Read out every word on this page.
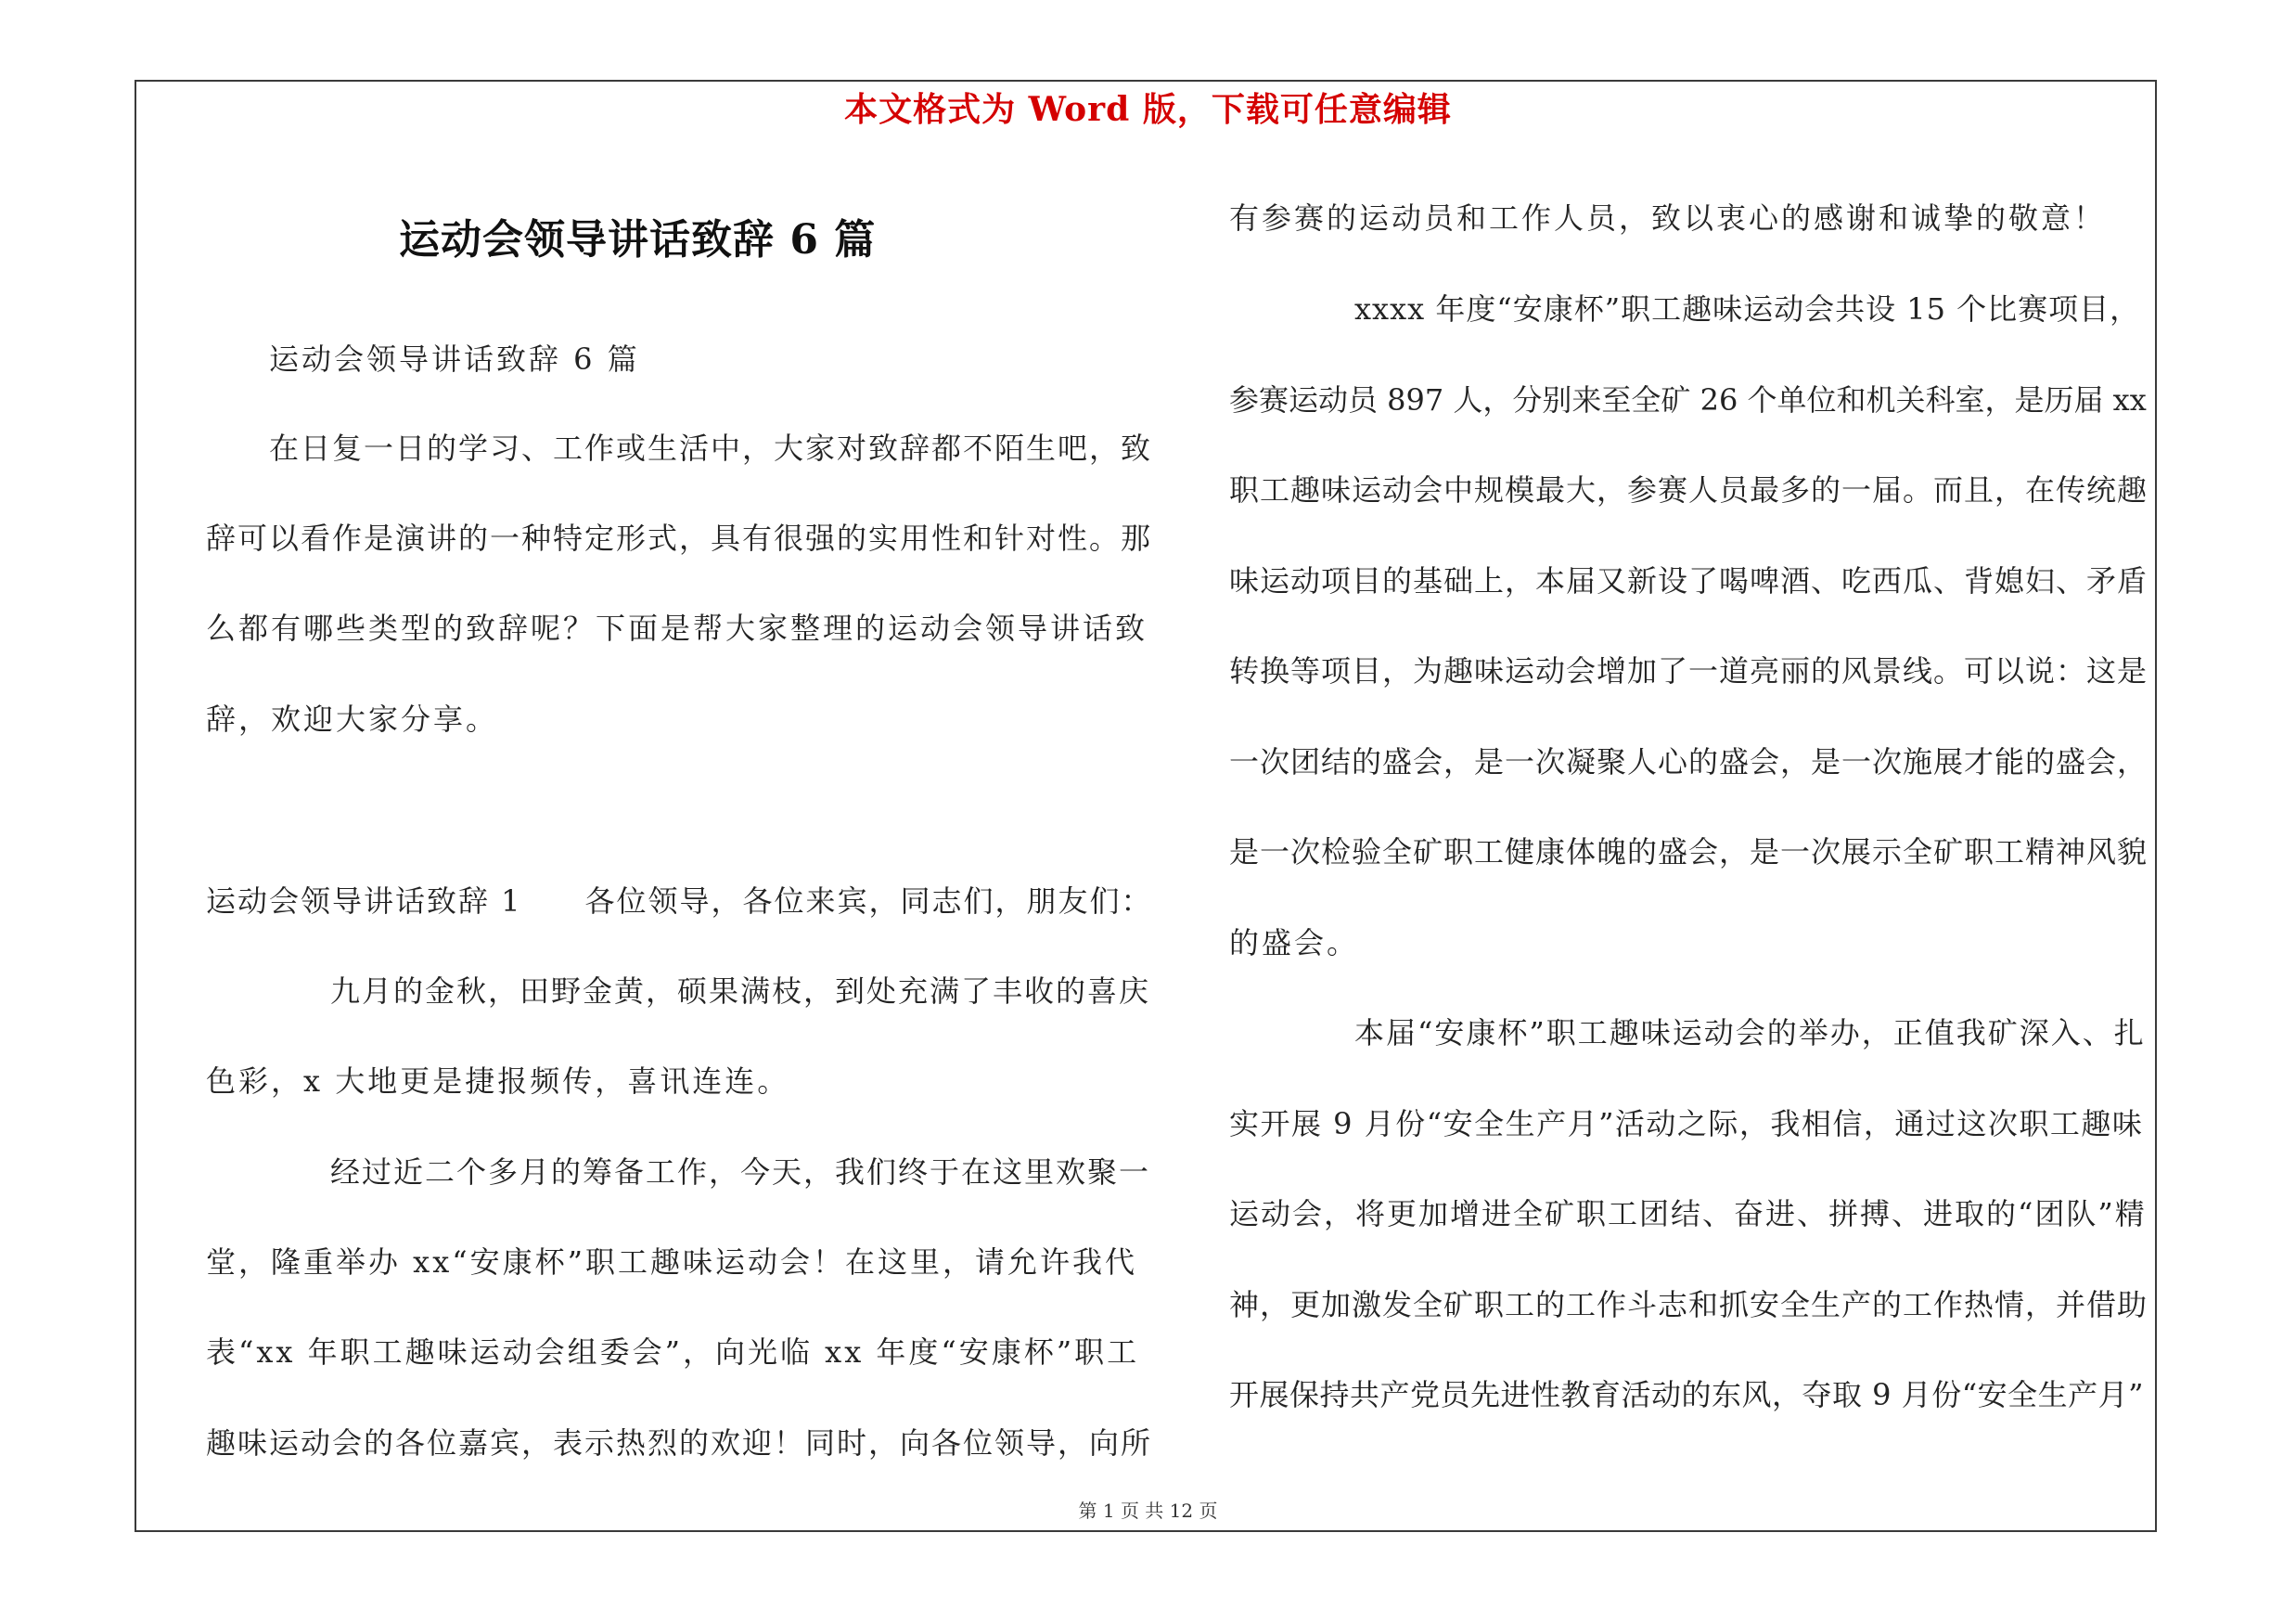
本文格式为 Word 版，下载可任意编辑
运动会领导讲话致辞 6 篇
运动会领导讲话致辞 6 篇
在日复一日的学习、工作或生活中，大家对致辞都不陌生吧，致
辞可以看作是演讲的一种特定形式，具有很强的实用性和针对性。那
么都有哪些类型的致辞呢？下面是帮大家整理的运动会领导讲话致
辞，欢迎大家分享。
运动会领导讲话致辞 1　　各位领导，各位来宾，同志们，朋友们：
九月的金秋，田野金黄，硕果满枝，到处充满了丰收的喜庆
色彩，x 大地更是捷报频传，喜讯连连。
经过近二个多月的筹备工作，今天，我们终于在这里欢聚一
堂，隆重举办 xx“安康杯”职工趣味运动会！在这里，请允许我代
表“xx 年职工趣味运动会组委会”，向光临 xx 年度“安康杯”职工
趣味运动会的各位嘉宾，表示热烈的欢迎！同时，向各位领导，向所
有参赛的运动员和工作人员，致以衷心的感谢和诚挚的敬意！
xxxx 年度“安康杯”职工趣味运动会共设 15 个比赛项目，
参赛运动员 897 人，分别来至全矿 26 个单位和机关科室，是历届 xx
职工趣味运动会中规模最大，参赛人员最多的一届。而且，在传统趣
味运动项目的基础上，本届又新设了喝啤酒、吃西瓜、背媳妇、矛盾
转换等项目，为趣味运动会增加了一道亮丽的风景线。可以说：这是
一次团结的盛会，是一次凝聚人心的盛会，是一次施展才能的盛会，
是一次检验全矿职工健康体魄的盛会，是一次展示全矿职工精神风貌
的盛会。
本届“安康杯”职工趣味运动会的举办，正值我矿深入、扎
实开展 9 月份“安全生产月”活动之际，我相信，通过这次职工趣味
运动会，将更加增进全矿职工团结、奋进、拼搏、进取的“团队”精
神，更加激发全矿职工的工作斗志和抓安全生产的工作热情，并借助
开展保持共产党员先进性教育活动的东风，夺取 9 月份“安全生产月”
第 1 页 共 12 页
